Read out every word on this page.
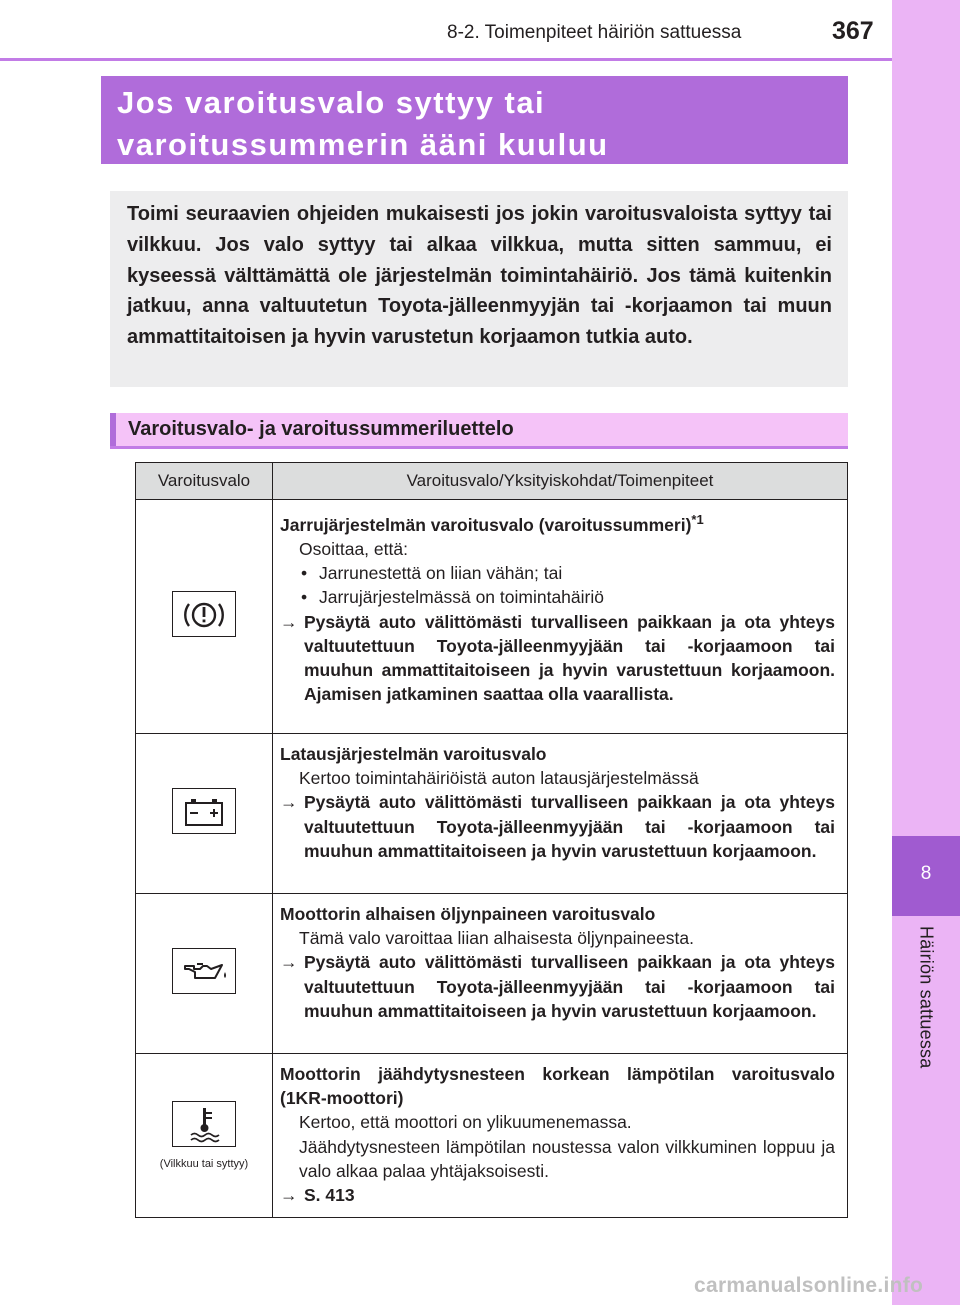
8-2. Toimenpiteet häiriön sattuessa	367
8
Häiriön sattuessa
Jos varoitusvalo syttyy tai
varoitussummerin ääni kuuluu
Toimi seuraavien ohjeiden mukaisesti jos jokin varoitusvaloista syttyy tai vilkkuu. Jos valo syttyy tai alkaa vilkkua, mutta sitten sammuu, ei kyseessä välttämättä ole järjestelmän toimintahäiriö. Jos tämä kuitenkin jatkuu, anna valtuutetun Toyota-jälleenmyyjän tai -korjaamon tai muun ammattitaitoisen ja hyvin varustetun korjaamon tutkia auto.
Varoitusvalo- ja varoitussummeriluettelo
Varoitusvalo	Varoitusvalo/Yksityiskohdat/Toimenpiteet

Jarrujärjestelmän varoitusvalo (varoitussummeri)$^{*1}$
Osoittaa, että:
• Jarrunestettä on liian vähän; tai
• Jarrujärjestelmässä on toimintahäiriö
→ Pysäytä auto välittömästi turvalliseen paikkaan ja ota yhteys valtuutettuun Toyota-jälleenmyyjään tai -korjaamoon tai muuhun ammattitaitoiseen ja hyvin varustettuun korjaamoon. Ajamisen jatkaminen saattaa olla vaarallista.

Latausjärjestelmän varoitusvalo
Kertoo toimintahäiriöistä auton latausjärjestelmässä
→ Pysäytä auto välittömästi turvalliseen paikkaan ja ota yhteys valtuutettuun Toyota-jälleenmyyjään tai -korjaamoon tai muuhun ammattitaitoiseen ja hyvin varustettuun korjaamoon.

Moottorin alhaisen öljynpaineen varoitusvalo
Tämä valo varoittaa liian alhaisesta öljynpaineesta.
→ Pysäytä auto välittömästi turvalliseen paikkaan ja ota yhteys valtuutettuun Toyota-jälleenmyyjään tai -korjaamoon tai muuhun ammattitaitoiseen ja hyvin varustettuun korjaamoon.

(Vilkkuu tai syttyy)	Moottorin jäähdytysnesteen korkean lämpötilan varoitusvalo (1KR-moottori)
Kertoo, että moottori on ylikuumenemassa.
Jäähdytysnesteen lämpötilan noustessa valon vilkkuminen loppuu ja valo alkaa palaa yhtäjaksoisesti.
→ S. 413
carmanualsonline.info
